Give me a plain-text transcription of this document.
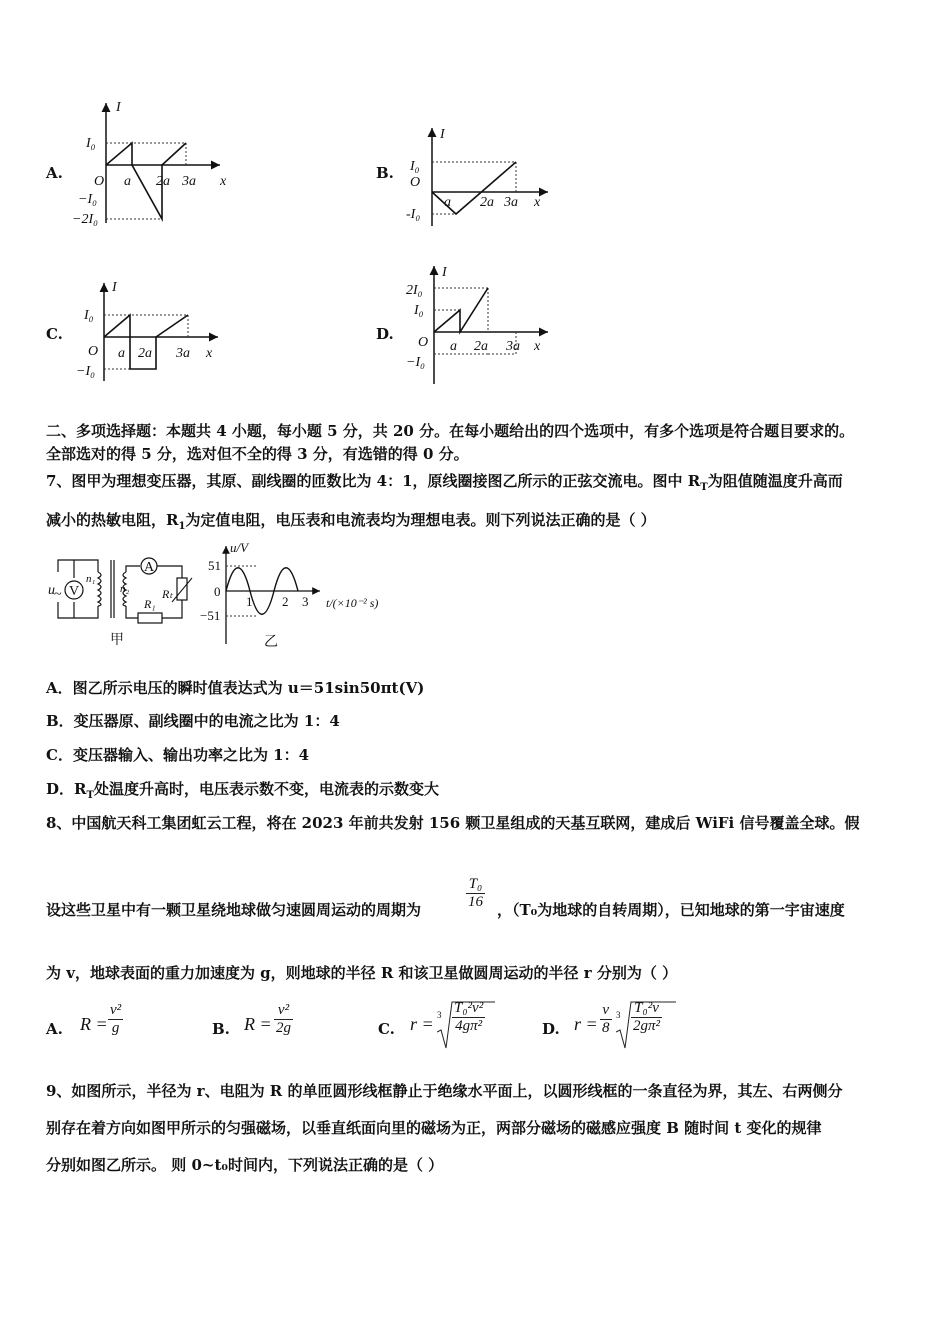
A.
I
x
O
I₀
−I₀
−2I₀
a 2a 3a	B.
I
x
O
I₀
-I₀
a 2a 3a
C.
I
x
O
I₀
−I₀
a 2a 3a
D.
I
x
O
2I₀
I₀
−I₀
a 2a 3a
二、多项选择题：本题共 4 小题，每小题 5 分，共 20 分。在每小题给出的四个选项中，有多个选项是符合题目要求的。
全部选对的得 5 分，选对但不全的得 3 分，有选错的得 0 分。
7、图甲为理想变压器，其原、副线圈的匝数比为 4：1，原线圈接图乙所示的正弦交流电。图中 $R_T$为阻值随温度升高而
减小的热敏电阻，$R_1$为定值电阻，电压表和电流表均为理想电表。则下列说法正确的是（ ）
u ~ V
n₁
n₂
A
Rₜ
R₁
甲
u/V
51
0
−51
1 2 3 t/(×10⁻² s)
乙
A．图乙所示电压的瞬时值表达式为 u＝51sin50πt(V)
B．变压器原、副线圈中的电流之比为 1：4
C．变压器输入、输出功率之比为 1：4
D．$R_T$处温度升高时，电压表示数不变，电流表的示数变大
8、中国航天科工集团虹云工程，将在 2023 年前共发射 156 颗卫星组成的天基互联网，建成后 WiFi 信号覆盖全球。假
设这些卫星中有一颗卫星绕地球做匀速圆周运动的周期为	$\frac{\text{T₀}}{16}$ ，（T₀为地球的自转周期），已知地球的第一宇宙速度
为 v，地球表面的重力加速度为 g，则地球的半径 R 和该卫星做圆周运动的半径 r 分别为（ ）
A. $R = \frac{\text{v²}}{g}$	B. $R = \frac{\text{v²}}{2g}$	C. $r = 3 \frac{\text{T₀²v²}}{\text{4gπ²}}$	D. $r = \frac{v}{8} 3 \frac{\text{T₀²v}}{\text{2gπ²}}$
9、如图所示，半径为 r、电阻为 R 的单匝圆形线框静止于绝缘水平面上，以圆形线框的一条直径为界，其左、右两侧分
别存在着方向如图甲所示的匀强磁场，以垂直纸面向里的磁场为正，两部分磁场的磁感应强度 B 随时间 t 变化的规律
分别如图乙所示。 则 0~t₀时间内，下列说法正确的是（ ）
